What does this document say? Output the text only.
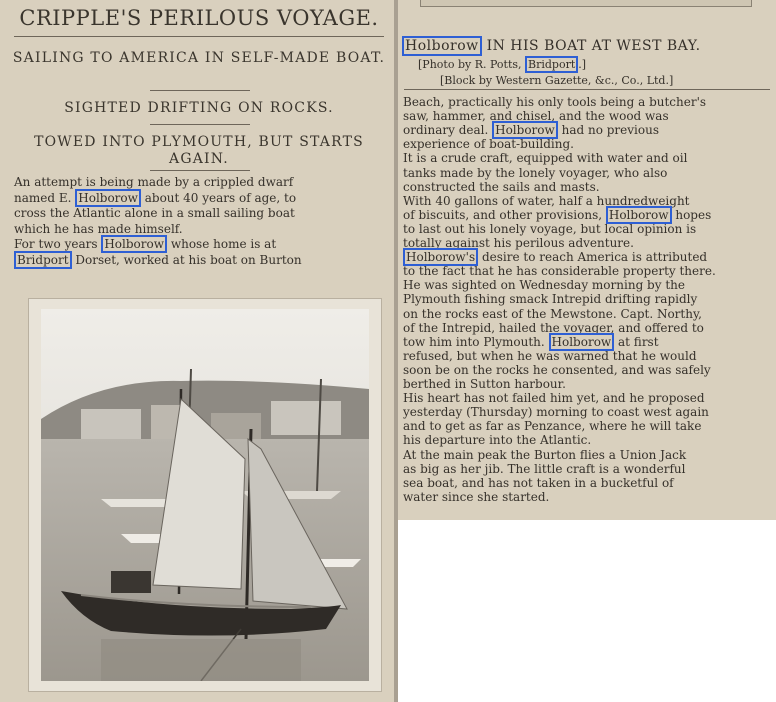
CRIPPLE'S PERILOUS VOYAGE.
SAILING TO AMERICA IN SELF-MADE BOAT.
SIGHTED DRIFTING ON ROCKS.
TOWED INTO PLYMOUTH, BUT STARTS AGAIN.
An attempt is being made by a crippled dwarf
named E. Holborow about 40 years of age, to
cross the Atlantic alone in a small sailing boat
which he has made himself.
For two years Holborow whose home is at
Bridport Dorset, worked at his boat on Burton
Holborow IN HIS BOAT AT WEST BAY.
[Photo by R. Potts, Bridport .]
[Block by Western Gazette, &c., Co., Ltd.]
Beach, practically his only tools being a butcher's
saw, hammer, and chisel, and the wood was
ordinary deal. Holborow had no previous
experience of boat-building.
It is a crude craft, equipped with water and oil
tanks made by the lonely voyager, who also
constructed the sails and masts.
With 40 gallons of water, half a hundredweight
of biscuits, and other provisions, Holborow hopes
to last out his lonely voyage, but local opinion is
totally against his perilous adventure.
Holborow's desire to reach America is attributed
to the fact that he has considerable property there.
He was sighted on Wednesday morning by the
Plymouth fishing smack Intrepid drifting rapidly
on the rocks east of the Mewstone. Capt. Northy,
of the Intrepid, hailed the voyager, and offered to
tow him into Plymouth. Holborow at first
refused, but when he was warned that he would
soon be on the rocks he consented, and was safely
berthed in Sutton harbour.
His heart has not failed him yet, and he proposed
yesterday (Thursday) morning to coast west again
and to get as far as Penzance, where he will take
his departure into the Atlantic.
At the main peak the Burton flies a Union Jack
as big as her jib. The little craft is a wonderful
sea boat, and has not taken in a bucketful of
water since she started.
